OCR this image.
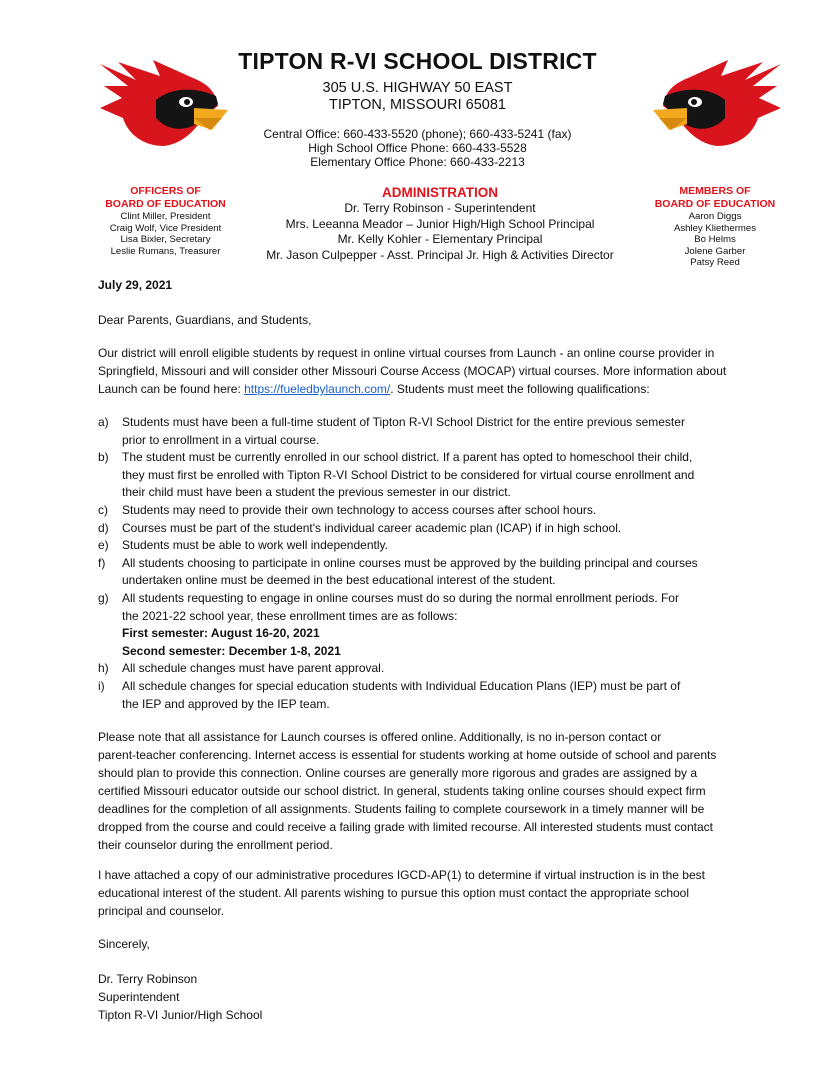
TIPTON R-VI SCHOOL DISTRICT
305 U.S. HIGHWAY 50 EAST
TIPTON, MISSOURI 65081
Central Office: 660-433-5520 (phone); 660-433-5241 (fax)
High School Office Phone: 660-433-5528
Elementary Office Phone: 660-433-2213
OFFICERS OF
BOARD OF EDUCATION
Clint Miller, President
Craig Wolf, Vice President
Lisa Bixler, Secretary
Leslie Rumans, Treasurer
ADMINISTRATION
Dr. Terry Robinson - Superintendent
Mrs. Leeanna Meador – Junior High/High School Principal
Mr. Kelly Kohler - Elementary Principal
Mr. Jason Culpepper - Asst. Principal Jr. High & Activities Director
MEMBERS OF
BOARD OF EDUCATION
Aaron Diggs
Ashley Kliethermes
Bo Helms
Jolene Garber
Patsy Reed
July 29, 2021
Dear Parents, Guardians, and Students,
Our district will enroll eligible students by request in online virtual courses from Launch - an online course provider in Springfield, Missouri and will consider other Missouri Course Access (MOCAP) virtual courses. More information about Launch can be found here: https://fueledbylaunch.com/. Students must meet the following qualifications:
a) Students must have been a full-time student of Tipton R-VI School District for the entire previous semester
prior to enrollment in a virtual course.
b) The student must be currently enrolled in our school district. If a parent has opted to homeschool their child,
they must first be enrolled with Tipton R-VI School District to be considered for virtual course enrollment and
their child must have been a student the previous semester in our district.
c) Students may need to provide their own technology to access courses after school hours.
d) Courses must be part of the student's individual career academic plan (ICAP) if in high school.
e) Students must be able to work well independently.
f) All students choosing to participate in online courses must be approved by the building principal and courses
undertaken online must be deemed in the best educational interest of the student.
g) All students requesting to engage in online courses must do so during the normal enrollment periods. For
the 2021-22 school year, these enrollment times are as follows:
First semester: August 16-20, 2021
Second semester: December 1-8, 2021
h) All schedule changes must have parent approval.
i) All schedule changes for special education students with Individual Education Plans (IEP) must be part of
the IEP and approved by the IEP team.
Please note that all assistance for Launch courses is offered online. Additionally, is no in-person contact or
parent-teacher conferencing. Internet access is essential for students working at home outside of school and parents
should plan to provide this connection. Online courses are generally more rigorous and grades are assigned by a
certified Missouri educator outside our school district. In general, students taking online courses should expect firm
deadlines for the completion of all assignments. Students failing to complete coursework in a timely manner will be
dropped from the course and could receive a failing grade with limited recourse. All interested students must contact
their counselor during the enrollment period.
I have attached a copy of our administrative procedures IGCD-AP(1) to determine if virtual instruction is in the best
educational interest of the student. All parents wishing to pursue this option must contact the appropriate school
principal and counselor.
Sincerely,
Dr. Terry Robinson
Superintendent
Tipton R-VI Junior/High School
